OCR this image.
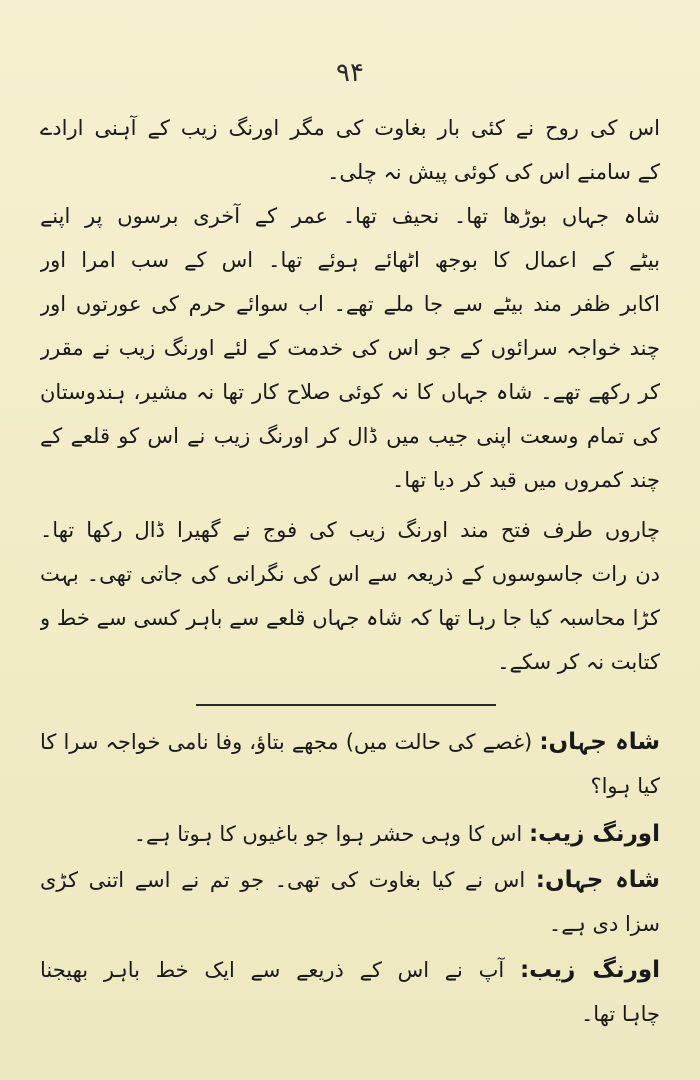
۹۴
اس کی روح نے کئی بار بغاوت کی مگر اورنگ زیب کے آہنی ارادے
کے سامنے اس کی کوئی پیش نہ چلی۔
شاہ جہاں بوڑھا تھا۔ نحیف تھا۔ عمر کے آخری برسوں پر اپنے
بیٹے کے اعمال کا بوجھ اٹھائے ہوئے تھا۔ اس کے سب امرا اور
اکابر ظفر مند بیٹے سے جا ملے تھے۔ اب سوائے حرم کی عورتوں اور
چند خواجہ سرائوں کے جو اس کی خدمت کے لئے اورنگ زیب نے مقرر
کر رکھے تھے۔ شاہ جہاں کا نہ کوئی صلاح کار تھا نہ مشیر، ہندوستان
کی تمام وسعت اپنی جیب میں ڈال کر اورنگ زیب نے اس کو قلعے کے
چند کمروں میں قید کر دیا تھا۔
چاروں طرف فتح مند اورنگ زیب کی فوج نے گھیرا ڈال رکھا تھا۔
دن رات جاسوسوں کے ذریعہ سے اس کی نگرانی کی جاتی تھی۔ بہت
کڑا محاسبہ کیا جا رہا تھا کہ شاہ جہاں قلعے سے باہر کسی سے خط و
کتابت نہ کر سکے۔
شاہ جہاں: (غصے کی حالت میں) مجھے بتاؤ، وفا نامی خواجہ سرا کا
کیا ہوا؟
اورنگ زیب: اس کا وہی حشر ہوا جو باغیوں کا ہوتا ہے۔
شاہ جہاں: اس نے کیا بغاوت کی تھی۔ جو تم نے اسے اتنی کڑی
سزا دی ہے۔
اورنگ زیب: آپ نے اس کے ذریعے سے ایک خط باہر بھیجنا
چاہا تھا۔
